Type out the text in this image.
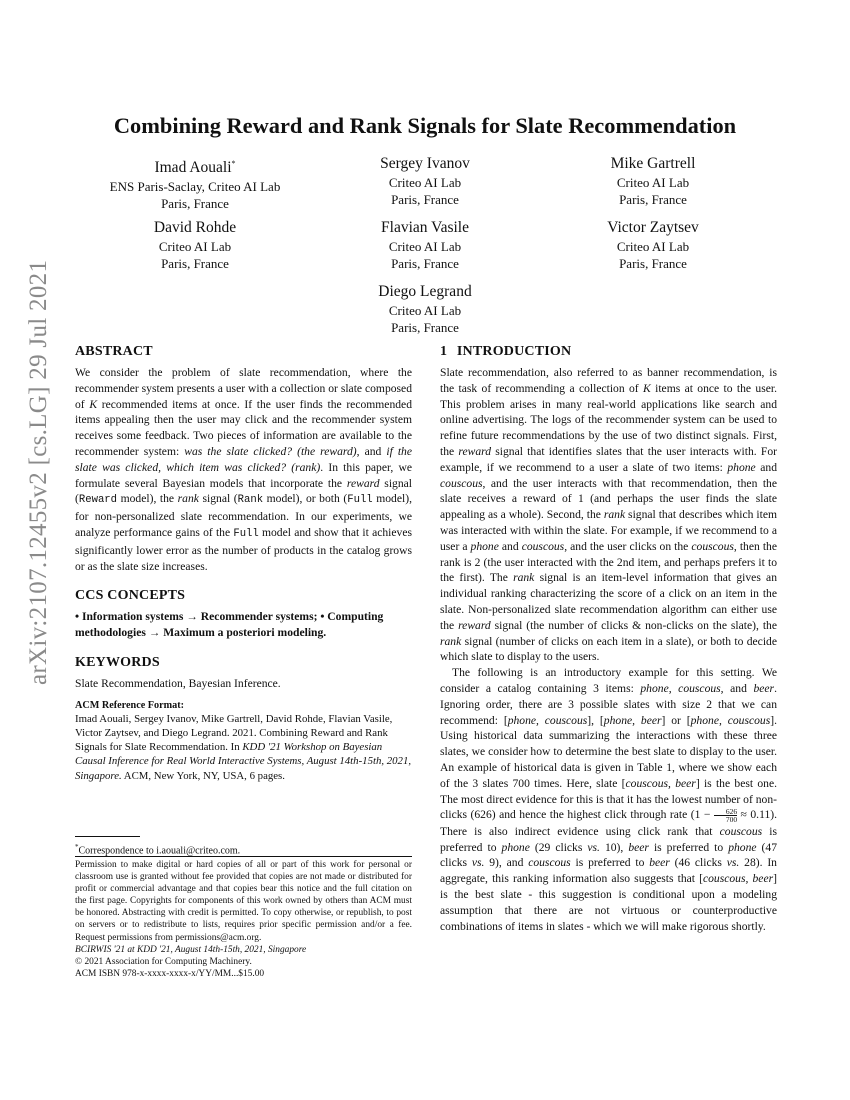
arXiv:2107.12455v2 [cs.LG] 29 Jul 2021
Combining Reward and Rank Signals for Slate Recommendation
Imad Aouali*
ENS Paris-Saclay, Criteo AI Lab
Paris, France
Sergey Ivanov
Criteo AI Lab
Paris, France
Mike Gartrell
Criteo AI Lab
Paris, France
David Rohde
Criteo AI Lab
Paris, France
Flavian Vasile
Criteo AI Lab
Paris, France
Victor Zaytsev
Criteo AI Lab
Paris, France
Diego Legrand
Criteo AI Lab
Paris, France
ABSTRACT

We consider the problem of slate recommendation, where the recommender system presents a user with a collection or slate composed of K recommended items at once. If the user finds the recommended items appealing then the user may click and the recommender system receives some feedback. Two pieces of information are available to the recommender system: was the slate clicked? (the reward), and if the slate was clicked, which item was clicked? (rank). In this paper, we formulate several Bayesian models that incorporate the reward signal (Reward model), the rank signal (Rank model), or both (Full model), for non-personalized slate recommendation. In our experiments, we analyze performance gains of the Full model and show that it achieves significantly lower error as the number of products in the catalog grows or as the slate size increases.

CCS CONCEPTS

• Information systems → Recommender systems; • Computing methodologies → Maximum a posteriori modeling.

KEYWORDS

Slate Recommendation, Bayesian Inference.

ACM Reference Format:

Imad Aouali, Sergey Ivanov, Mike Gartrell, David Rohde, Flavian Vasile, Victor Zaytsev, and Diego Legrand. 2021. Combining Reward and Rank Signals for Slate Recommendation. In KDD '21 Workshop on Bayesian Causal Inference for Real World Interactive Systems, August 14th-15th, 2021, Singapore. ACM, New York, NY, USA, 6 pages.

*Correspondence to i.aouali@criteo.com.

Permission to make digital or hard copies of all or part of this work for personal or classroom use is granted without fee provided that copies are not made or distributed for profit or commercial advantage and that copies bear this notice and the full citation on the first page. Copyrights for components of this work owned by others than ACM must be honored. Abstracting with credit is permitted. To copy otherwise, or republish, to post on servers or to redistribute to lists, requires prior specific permission and/or a fee. Request permissions from permissions@acm.org.

BCIRWIS '21 at KDD '21, August 14th-15th, 2021, Singapore

© 2021 Association for Computing Machinery.

ACM ISBN 978-x-xxxx-xxxx-x/YY/MM...$15.00

1 INTRODUCTION

Slate recommendation, also referred to as banner recommendation, is the task of recommending a collection of K items at once to the user. This problem arises in many real-world applications like search and online advertising. The logs of the recommender system can be used to refine future recommendations by the use of two distinct signals. First, the reward signal that identifies slates that the user interacts with. For example, if we recommend to a user a slate of two items: phone and couscous, and the user interacts with that recommendation, then the slate receives a reward of 1 (and perhaps the user finds the slate appealing as a whole). Second, the rank signal that describes which item was interacted with within the slate. For example, if we recommend to a user a phone and couscous, and the user clicks on the couscous, then the rank is 2 (the user interacted with the 2nd item, and perhaps prefers it to the first). The rank signal is an item-level information that gives an individual ranking characterizing the score of a click on an item in the slate. Non-personalized slate recommendation algorithm can either use the reward signal (the number of clicks & non-clicks on the slate), the rank signal (number of clicks on each item in a slate), or both to decide which slate to display to the users.

The following is an introductory example for this setting. We consider a catalog containing 3 items: phone, couscous, and beer. Ignoring order, there are 3 possible slates with size 2 that we can recommend: [phone, couscous], [phone, beer] or [phone, couscous]. Using historical data summarizing the interactions with these three slates, we consider how to determine the best slate to display to the user. An example of historical data is given in Table 1, where we show each of the 3 slates 700 times. Here, slate [couscous, beer] is the best one. The most direct evidence for this is that it has the lowest number of non-clicks (626) and hence the highest click through rate $(1 - \frac{626}{700} \approx 0.11)$. There is also indirect evidence using click rank that couscous is preferred to phone (29 clicks vs. 10), beer is preferred to phone (47 clicks vs. 9), and couscous is preferred to beer (46 clicks vs. 28). In aggregate, this ranking information also suggests that [couscous, beer] is the best slate - this suggestion is conditional upon a modeling assumption that there are not virtuous or counterproductive combinations of items in slates - which we will make rigorous shortly.
